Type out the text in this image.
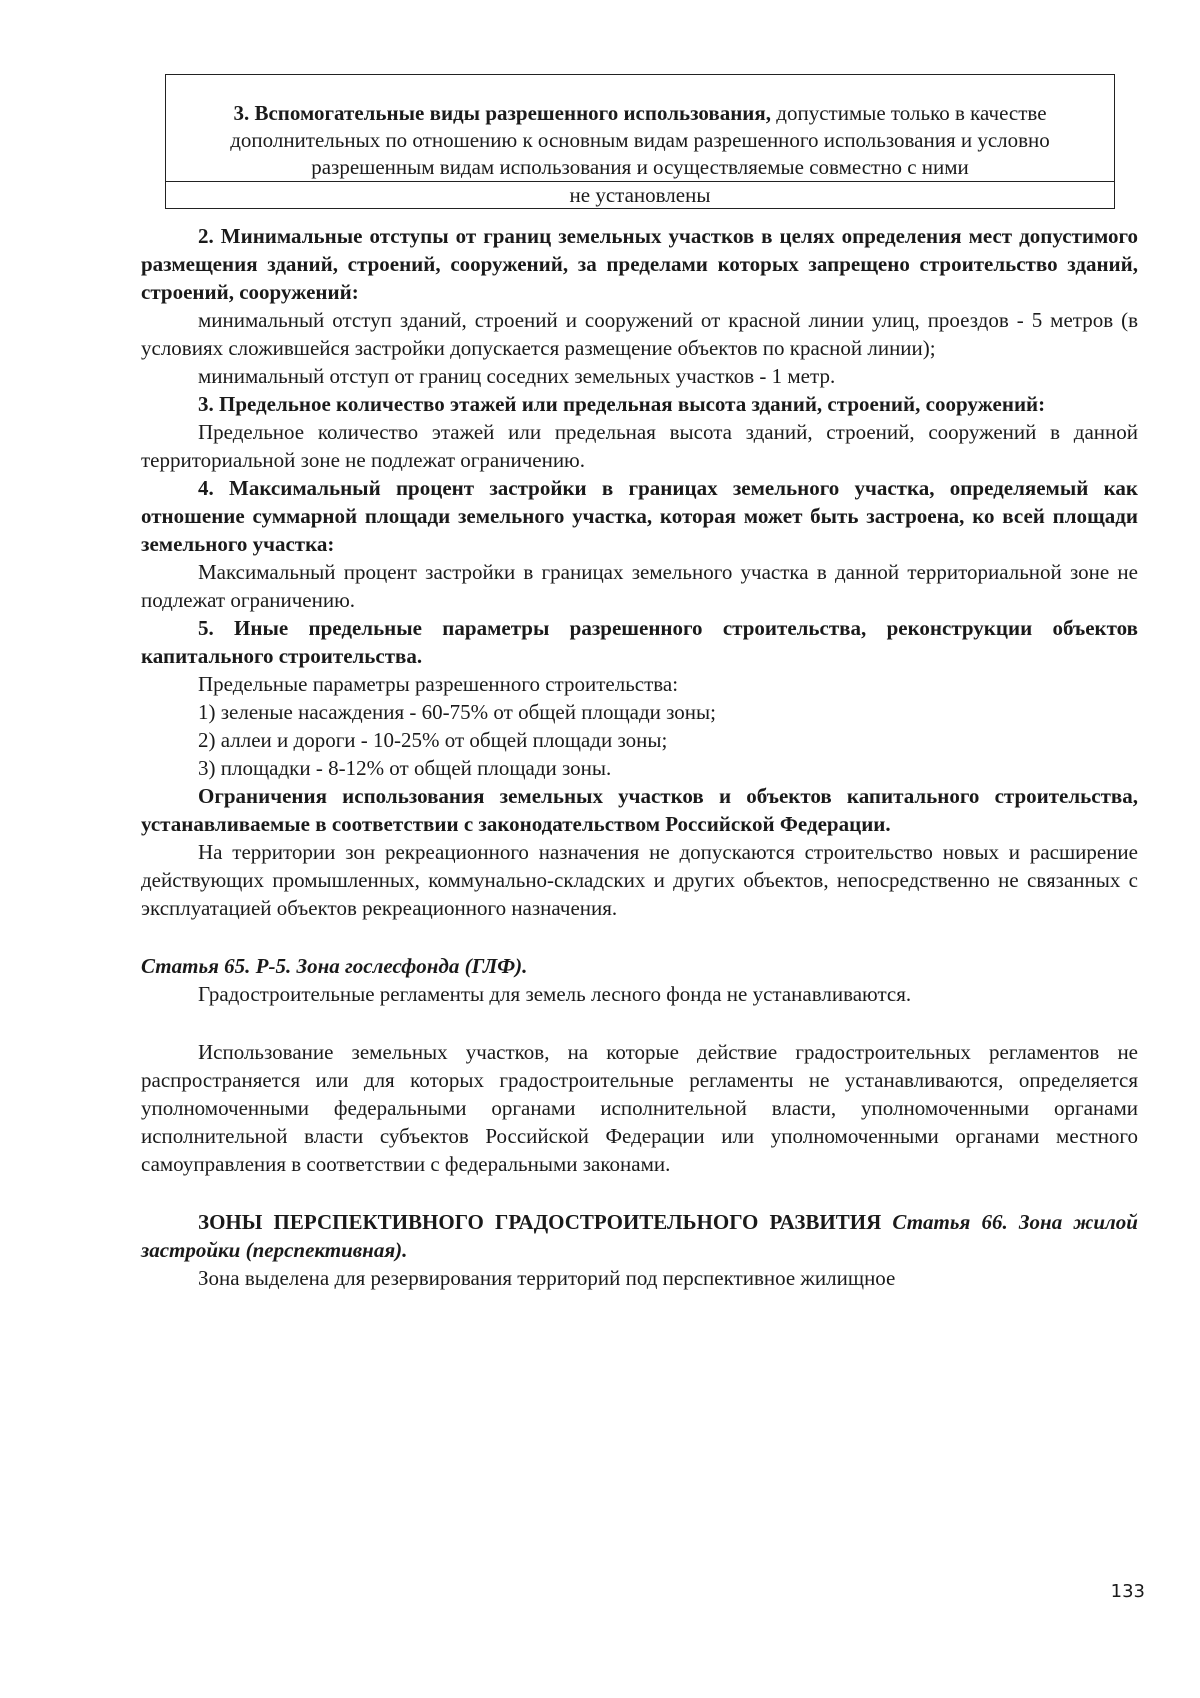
3. Вспомогательные виды разрешенного использования, допустимые только в качестве дополнительных по отношению к основным видам разрешенного использования и условно разрешенным видам использования и осуществляемые совместно с ними
не установлены

2. Минимальные отступы от границ земельных участков в целях определения мест допустимого размещения зданий, строений, сооружений, за пределами которых запрещено строительство зданий, строений, сооружений:

минимальный отступ зданий, строений и сооружений от красной линии улиц, проездов - 5 метров (в условиях сложившейся застройки допускается размещение объектов по красной линии);

минимальный отступ от границ соседних земельных участков - 1 метр.

3. Предельное количество этажей или предельная высота зданий, строений, сооружений:

Предельное количество этажей или предельная высота зданий, строений, сооружений в данной территориальной зоне не подлежат ограничению.

4. Максимальный процент застройки в границах земельного участка, определяемый как отношение суммарной площади земельного участка, которая может быть застроена, ко всей площади земельного участка:

Максимальный процент застройки в границах земельного участка в данной территориальной зоне не подлежат ограничению.

5. Иные предельные параметры разрешенного строительства, реконструкции объектов капитального строительства.

Предельные параметры разрешенного строительства:

1) зеленые насаждения - 60-75% от общей площади зоны;

2) аллеи и дороги - 10-25% от общей площади зоны;

3) площадки - 8-12% от общей площади зоны.

Ограничения использования земельных участков и объектов капитального строительства, устанавливаемые в соответствии с законодательством Российской Федерации.

На территории зон рекреационного назначения не допускаются строительство новых и расширение действующих промышленных, коммунально-складских и других объектов, непосредственно не связанных с эксплуатацией объектов рекреационного назначения.

Статья 65. Р-5. Зона гослесфонда (ГЛФ).

Градостроительные регламенты для земель лесного фонда не устанавливаются.

Использование земельных участков, на которые действие градостроительных регламентов не распространяется или для которых градостроительные регламенты не устанавливаются, определяется уполномоченными федеральными органами исполнительной власти, уполномоченными органами исполнительной власти субъектов Российской Федерации или уполномоченными органами местного самоуправления в соответствии с федеральными законами.

ЗОНЫ ПЕРСПЕКТИВНОГО ГРАДОСТРОИТЕЛЬНОГО РАЗВИТИЯ Статья 66. Зона жилой застройки (перспективная).

Зона выделена для резервирования территорий под перспективное жилищное

133
